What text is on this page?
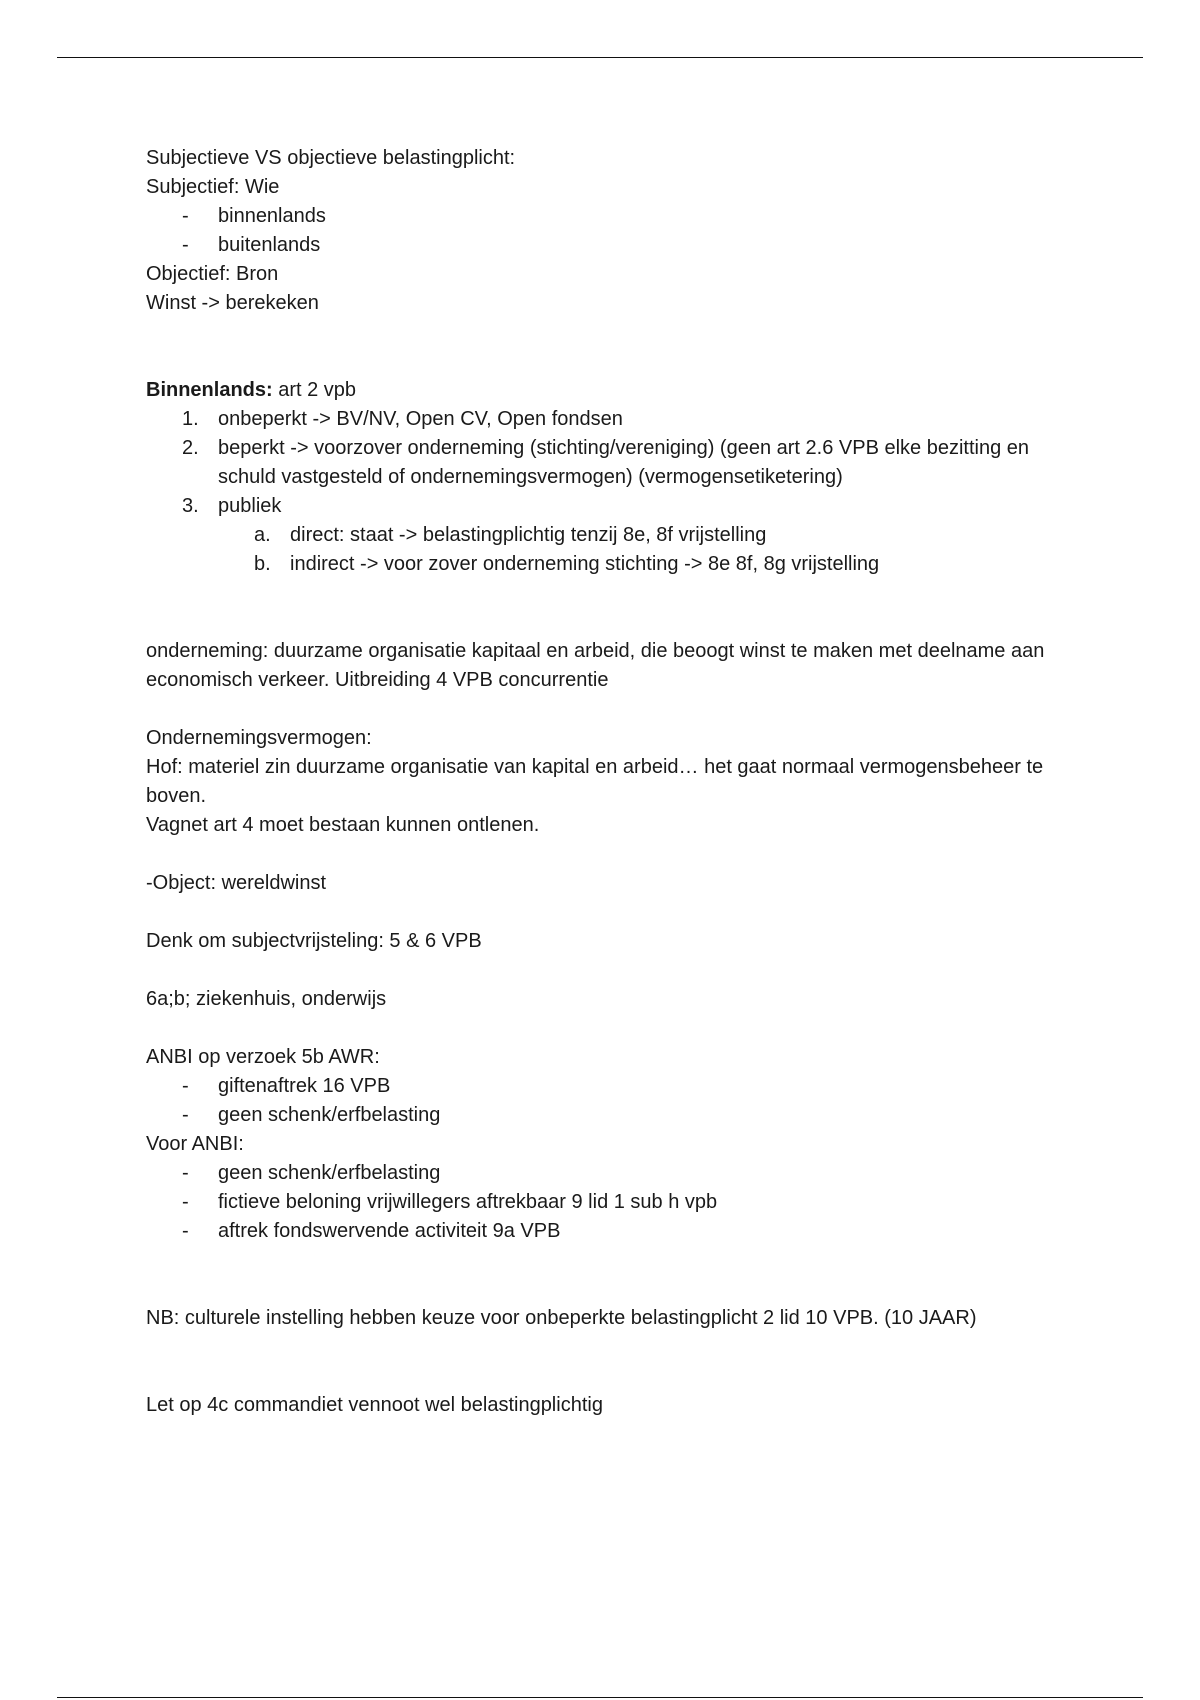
Subjectieve VS objectieve belastingplicht:

Subjectief: Wie

- binnenlands
- buitenlands

Objectief: Bron

Winst -> berekeken

Binnenlands: art 2 vpb

1. onbeperkt -> BV/NV, Open CV, Open fondsen
2. beperkt -> voorzover onderneming (stichting/vereniging) (geen art 2.6 VPB elke bezitting en schuld vastgesteld of ondernemingsvermogen) (vermogensetiketering)
3. publiek
a. direct: staat -> belastingplichtig tenzij 8e, 8f vrijstelling
b. indirect -> voor zover onderneming stichting -> 8e 8f, 8g vrijstelling

onderneming: duurzame organisatie kapitaal en arbeid, die beoogt winst te maken met deelname aan economisch verkeer. Uitbreiding 4 VPB concurrentie

Ondernemingsvermogen:

Hof: materiel zin duurzame organisatie van kapital en arbeid… het gaat normaal vermogensbeheer te boven.

Vagnet art 4 moet bestaan kunnen ontlenen.

-Object: wereldwinst

Denk om subjectvrijsteling: 5 & 6 VPB

6a;b; ziekenhuis, onderwijs

ANBI op verzoek 5b AWR:

- giftenaftrek 16 VPB
- geen schenk/erfbelasting

Voor ANBI:

- geen schenk/erfbelasting
- fictieve beloning vrijwillegers aftrekbaar 9 lid 1 sub h vpb
- aftrek fondswervende activiteit 9a VPB

NB: culturele instelling hebben keuze voor onbeperkte belastingplicht 2 lid 10 VPB. (10 JAAR)

Let op 4c commandiet vennoot wel belastingplichtig
